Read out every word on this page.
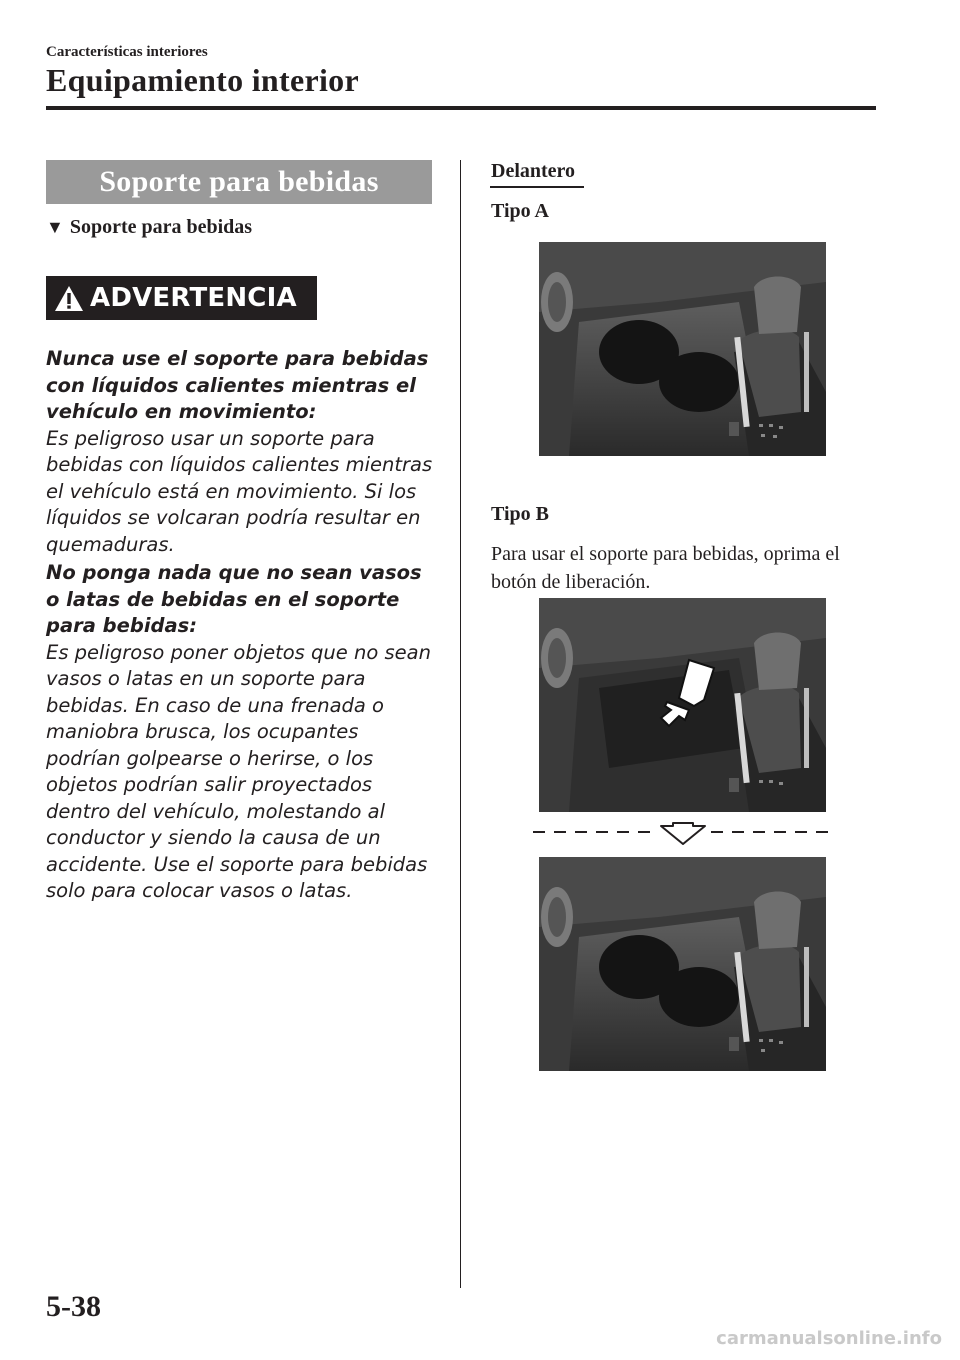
Características interiores
Equipamiento interior
Soporte para bebidas
▼ Soporte para bebidas
ADVERTENCIA
Nunca use el soporte para bebidas con líquidos calientes mientras el vehículo en movimiento:
Es peligroso usar un soporte para bebidas con líquidos calientes mientras el vehículo está en movimiento. Si los líquidos se volcaran podría resultar en quemaduras.
No ponga nada que no sean vasos o latas de bebidas en el soporte para bebidas:
Es peligroso poner objetos que no sean vasos o latas en un soporte para bebidas. En caso de una frenada o maniobra brusca, los ocupantes podrían golpearse o herirse, o los objetos podrían salir proyectados dentro del vehículo, molestando al conductor y siendo la causa de un accidente. Use el soporte para bebidas solo para colocar vasos o latas.
Delantero
Tipo A
Tipo B
Para usar el soporte para bebidas, oprima el botón de liberación.
5-38
carmanualsonline.info
